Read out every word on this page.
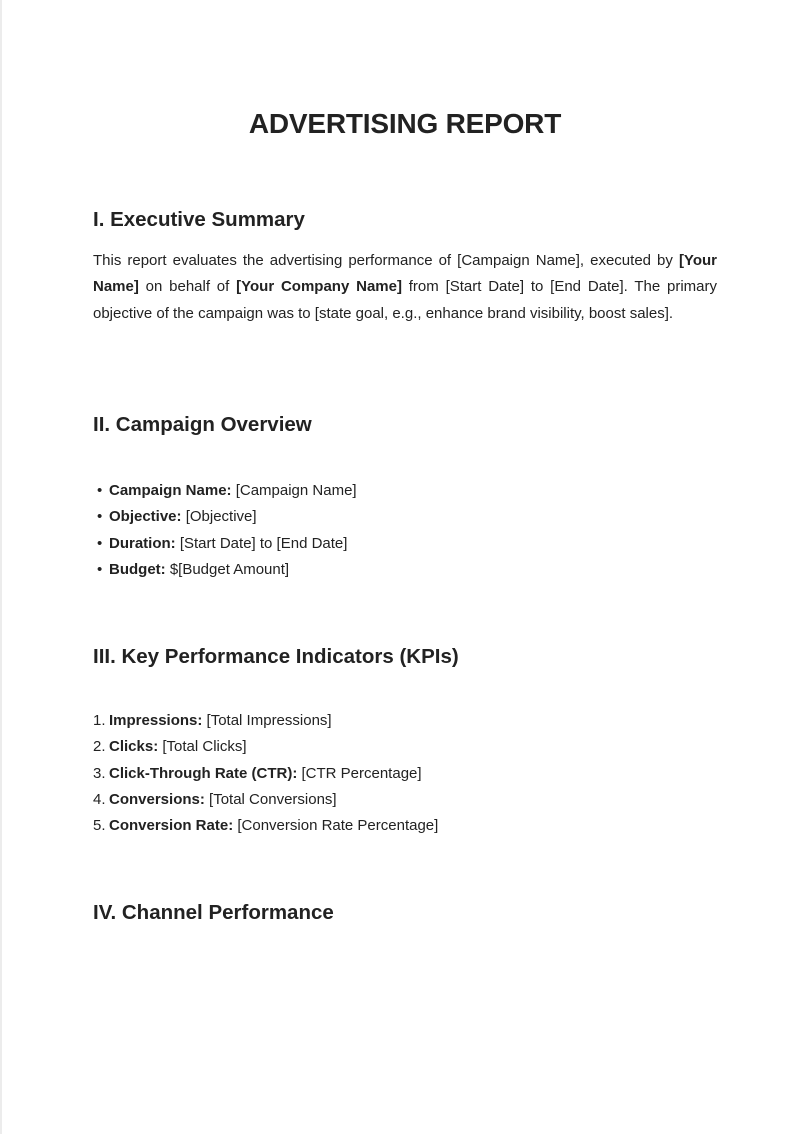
ADVERTISING REPORT
I. Executive Summary

This report evaluates the advertising performance of [Campaign Name], executed by [Your Name] on behalf of [Your Company Name] from [Start Date] to [End Date]. The primary objective of the campaign was to [state goal, e.g., enhance brand visibility, boost sales].

II. Campaign Overview
• Campaign Name: [Campaign Name]
• Objective: [Objective]
• Duration: [Start Date] to [End Date]
• Budget: $[Budget Amount]
III. Key Performance Indicators (KPIs)
1. Impressions: [Total Impressions]
2. Clicks: [Total Clicks]
3. Click-Through Rate (CTR): [CTR Percentage]
4. Conversions: [Total Conversions]
5. Conversion Rate: [Conversion Rate Percentage]
IV. Channel Performance
